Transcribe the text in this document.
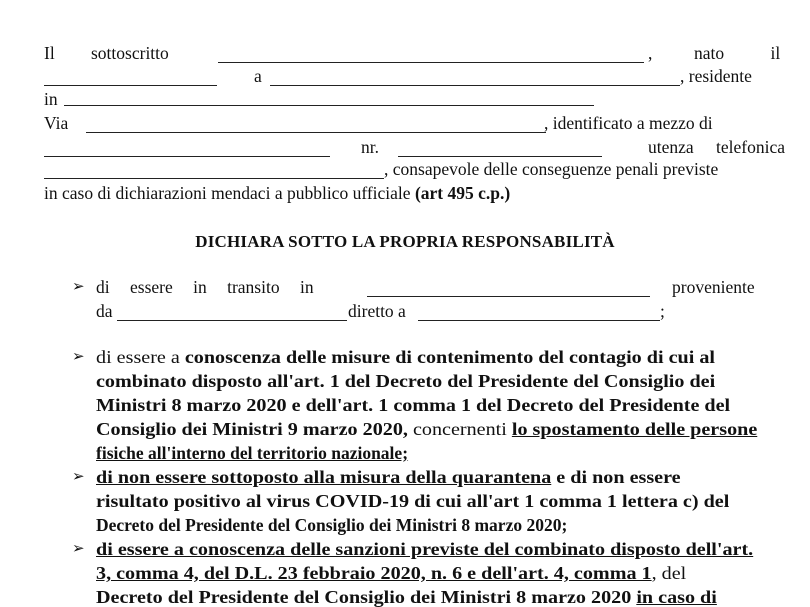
Il sottoscritto	, nato il
a	, residente
in
Via	, identificato a mezzo di
nr.	utenza telefonica
, consapevole delle conseguenze penali previste
in caso di dichiarazioni mendaci a pubblico ufficiale (art 495 c.p.)
DICHIARA SOTTO LA PROPRIA RESPONSABILITÀ
➢ di essere in transito in	proveniente
da	diretto a	;
➢ di essere a conoscenza delle misure di contenimento del contagio di cui al
combinato disposto all'art. 1 del Decreto del Presidente del Consiglio dei
Ministri 8 marzo 2020 e dell'art. 1 comma 1 del Decreto del Presidente del
Consiglio dei Ministri 9 marzo 2020, concernenti lo spostamento delle persone
fisiche all'interno del territorio nazionale;
➢ di non essere sottoposto alla misura della quarantena e di non essere
risultato positivo al virus COVID-19 di cui all'art 1 comma 1 lettera c) del
Decreto del Presidente del Consiglio dei Ministri 8 marzo 2020;
➢ di essere a conoscenza delle sanzioni previste del combinato disposto dell'art.
3, comma 4, del D.L. 23 febbraio 2020, n. 6 e dell'art. 4, comma 1, del
Decreto del Presidente del Consiglio dei Ministri 8 marzo 2020 in caso di
